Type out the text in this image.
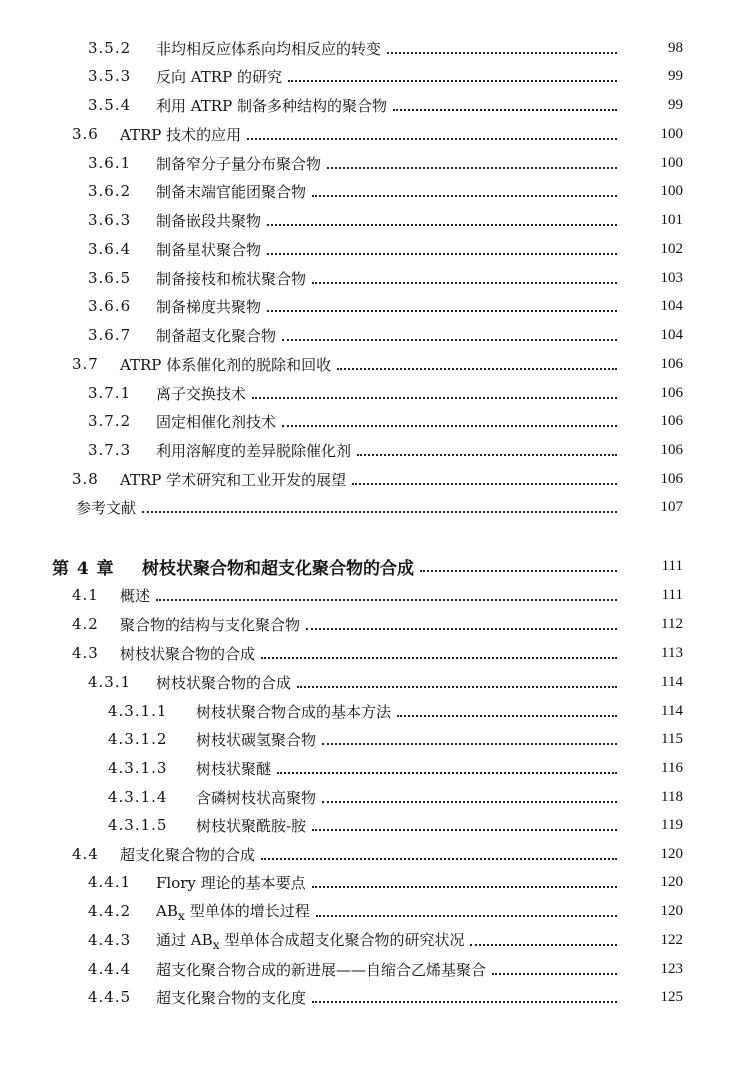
3.5.2	非均相反应体系向均相反应的转变	98
3.5.3	反向 ATRP 的研究	99
3.5.4	利用 ATRP 制备多种结构的聚合物	99
3.6	ATRP 技术的应用	100
3.6.1	制备窄分子量分布聚合物	100
3.6.2	制备末端官能团聚合物	100
3.6.3	制备嵌段共聚物	101
3.6.4	制备星状聚合物	102
3.6.5	制备接枝和梳状聚合物	103
3.6.6	制备梯度共聚物	104
3.6.7	制备超支化聚合物	104
3.7	ATRP 体系催化剂的脱除和回收	106
3.7.1	离子交换技术	106
3.7.2	固定相催化剂技术	106
3.7.3	利用溶解度的差异脱除催化剂	106
3.8	ATRP 学术研究和工业开发的展望	106
参考文献	107
第 4 章	树枝状聚合物和超支化聚合物的合成	111
4.1	概述	111
4.2	聚合物的结构与支化聚合物	112
4.3	树枝状聚合物的合成	113
4.3.1	树枝状聚合物的合成	114
4.3.1.1	树枝状聚合物合成的基本方法	114
4.3.1.2	树枝状碳氢聚合物	115
4.3.1.3	树枝状聚醚	116
4.3.1.4	含磷树枝状高聚物	118
4.3.1.5	树枝状聚酰胺-胺	119
4.4	超支化聚合物的合成	120
4.4.1	Flory 理论的基本要点	120
4.4.2	$AB_x$ 型单体的增长过程	120
4.4.3	通过 $AB_x$ 型单体合成超支化聚合物的研究状况	122
4.4.4	超支化聚合物合成的新进展——自缩合乙烯基聚合	123
4.4.5	超支化聚合物的支化度	125
